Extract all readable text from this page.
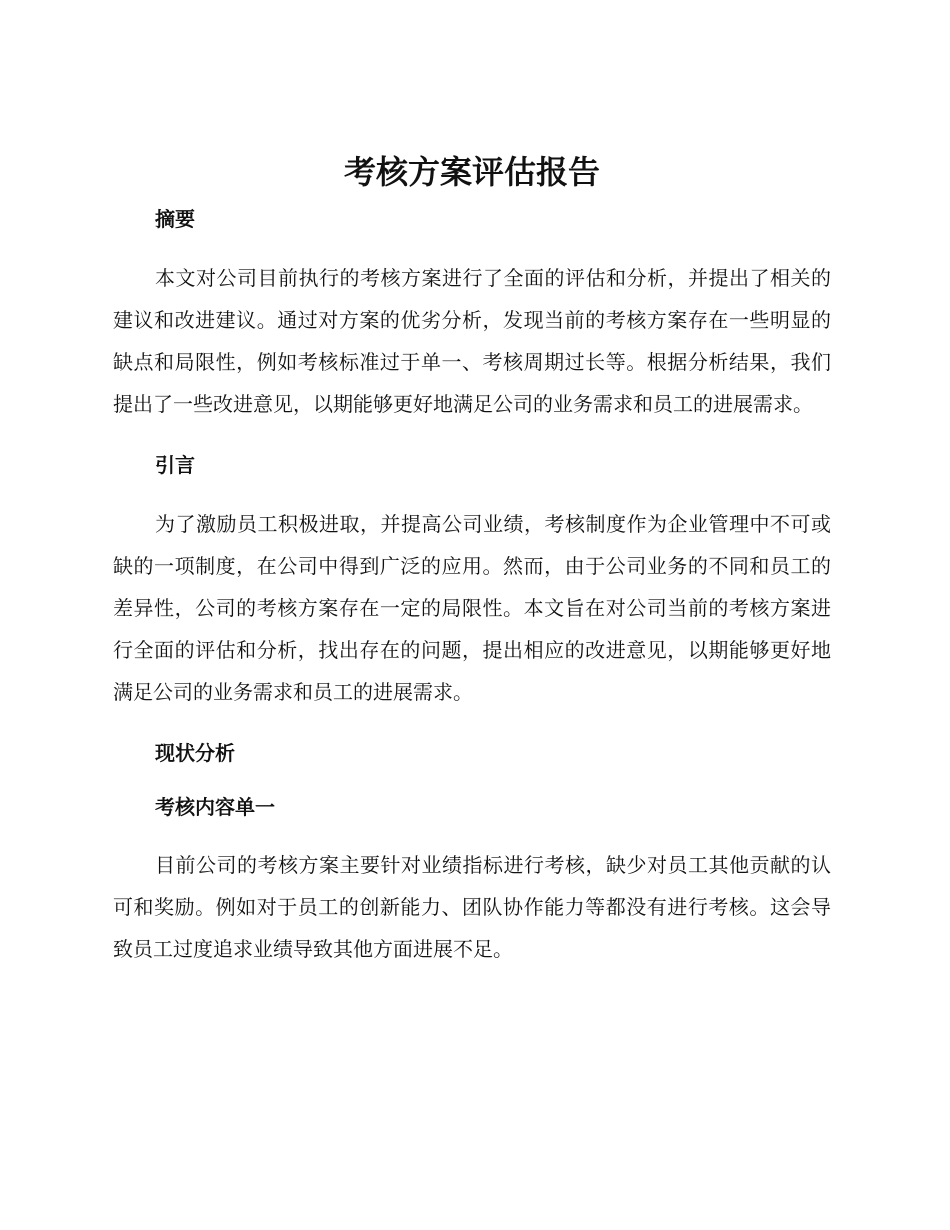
考核方案评估报告
摘要

本文对公司目前执行的考核方案进行了全面的评估和分析，并提出了相关的建议和改进建议。通过对方案的优劣分析，发现当前的考核方案存在一些明显的缺点和局限性，例如考核标准过于单一、考核周期过长等。根据分析结果，我们提出了一些改进意见，以期能够更好地满足公司的业务需求和员工的进展需求。

引言

为了激励员工积极进取，并提高公司业绩，考核制度作为企业管理中不可或缺的一项制度，在公司中得到广泛的应用。然而，由于公司业务的不同和员工的差异性，公司的考核方案存在一定的局限性。本文旨在对公司当前的考核方案进行全面的评估和分析，找出存在的问题，提出相应的改进意见，以期能够更好地满足公司的业务需求和员工的进展需求。

现状分析
考核内容单一

目前公司的考核方案主要针对业绩指标进行考核，缺少对员工其他贡献的认可和奖励。例如对于员工的创新能力、团队协作能力等都没有进行考核。这会导致员工过度追求业绩导致其他方面进展不足。
